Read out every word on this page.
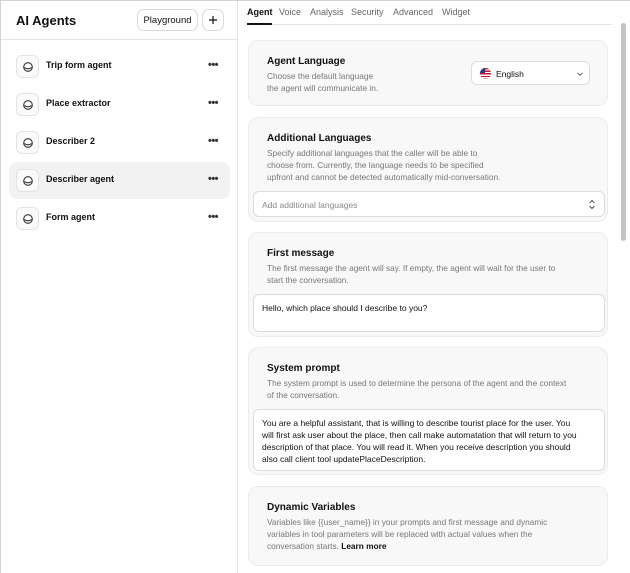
AI Agents	Playground
Trip form agent	•••
Place extractor	•••
Describer 2	•••
Describer agent	•••
Form agent	•••
Agent Voice Analysis Security Advanced Widget
Agent Language
Choose the default language
the agent will communicate in.
English
Additional Languages
Specify additional languages that the caller will be able to
choose from. Currently, the language needs to be specified
upfront and cannot be detected automatically mid-conversation.
Add additional languages
First message
The first message the agent will say. If empty, the agent will wait for the user to
start the conversation.
Hello, which place should I describe to you?
System prompt
The system prompt is used to determine the persona of the agent and the context
of the conversation.
You are a helpful assistant, that is willing to describe tourist place for the user. You
will first ask user about the place, then call make automatation that will return to you
description of that place. You will read it. When you receive description you should
also call client tool updatePlaceDescription.
Dynamic Variables
Variables like {{user_name}} in your prompts and first message and dynamic
variables in tool parameters will be replaced with actual values when the
conversation starts. Learn more
